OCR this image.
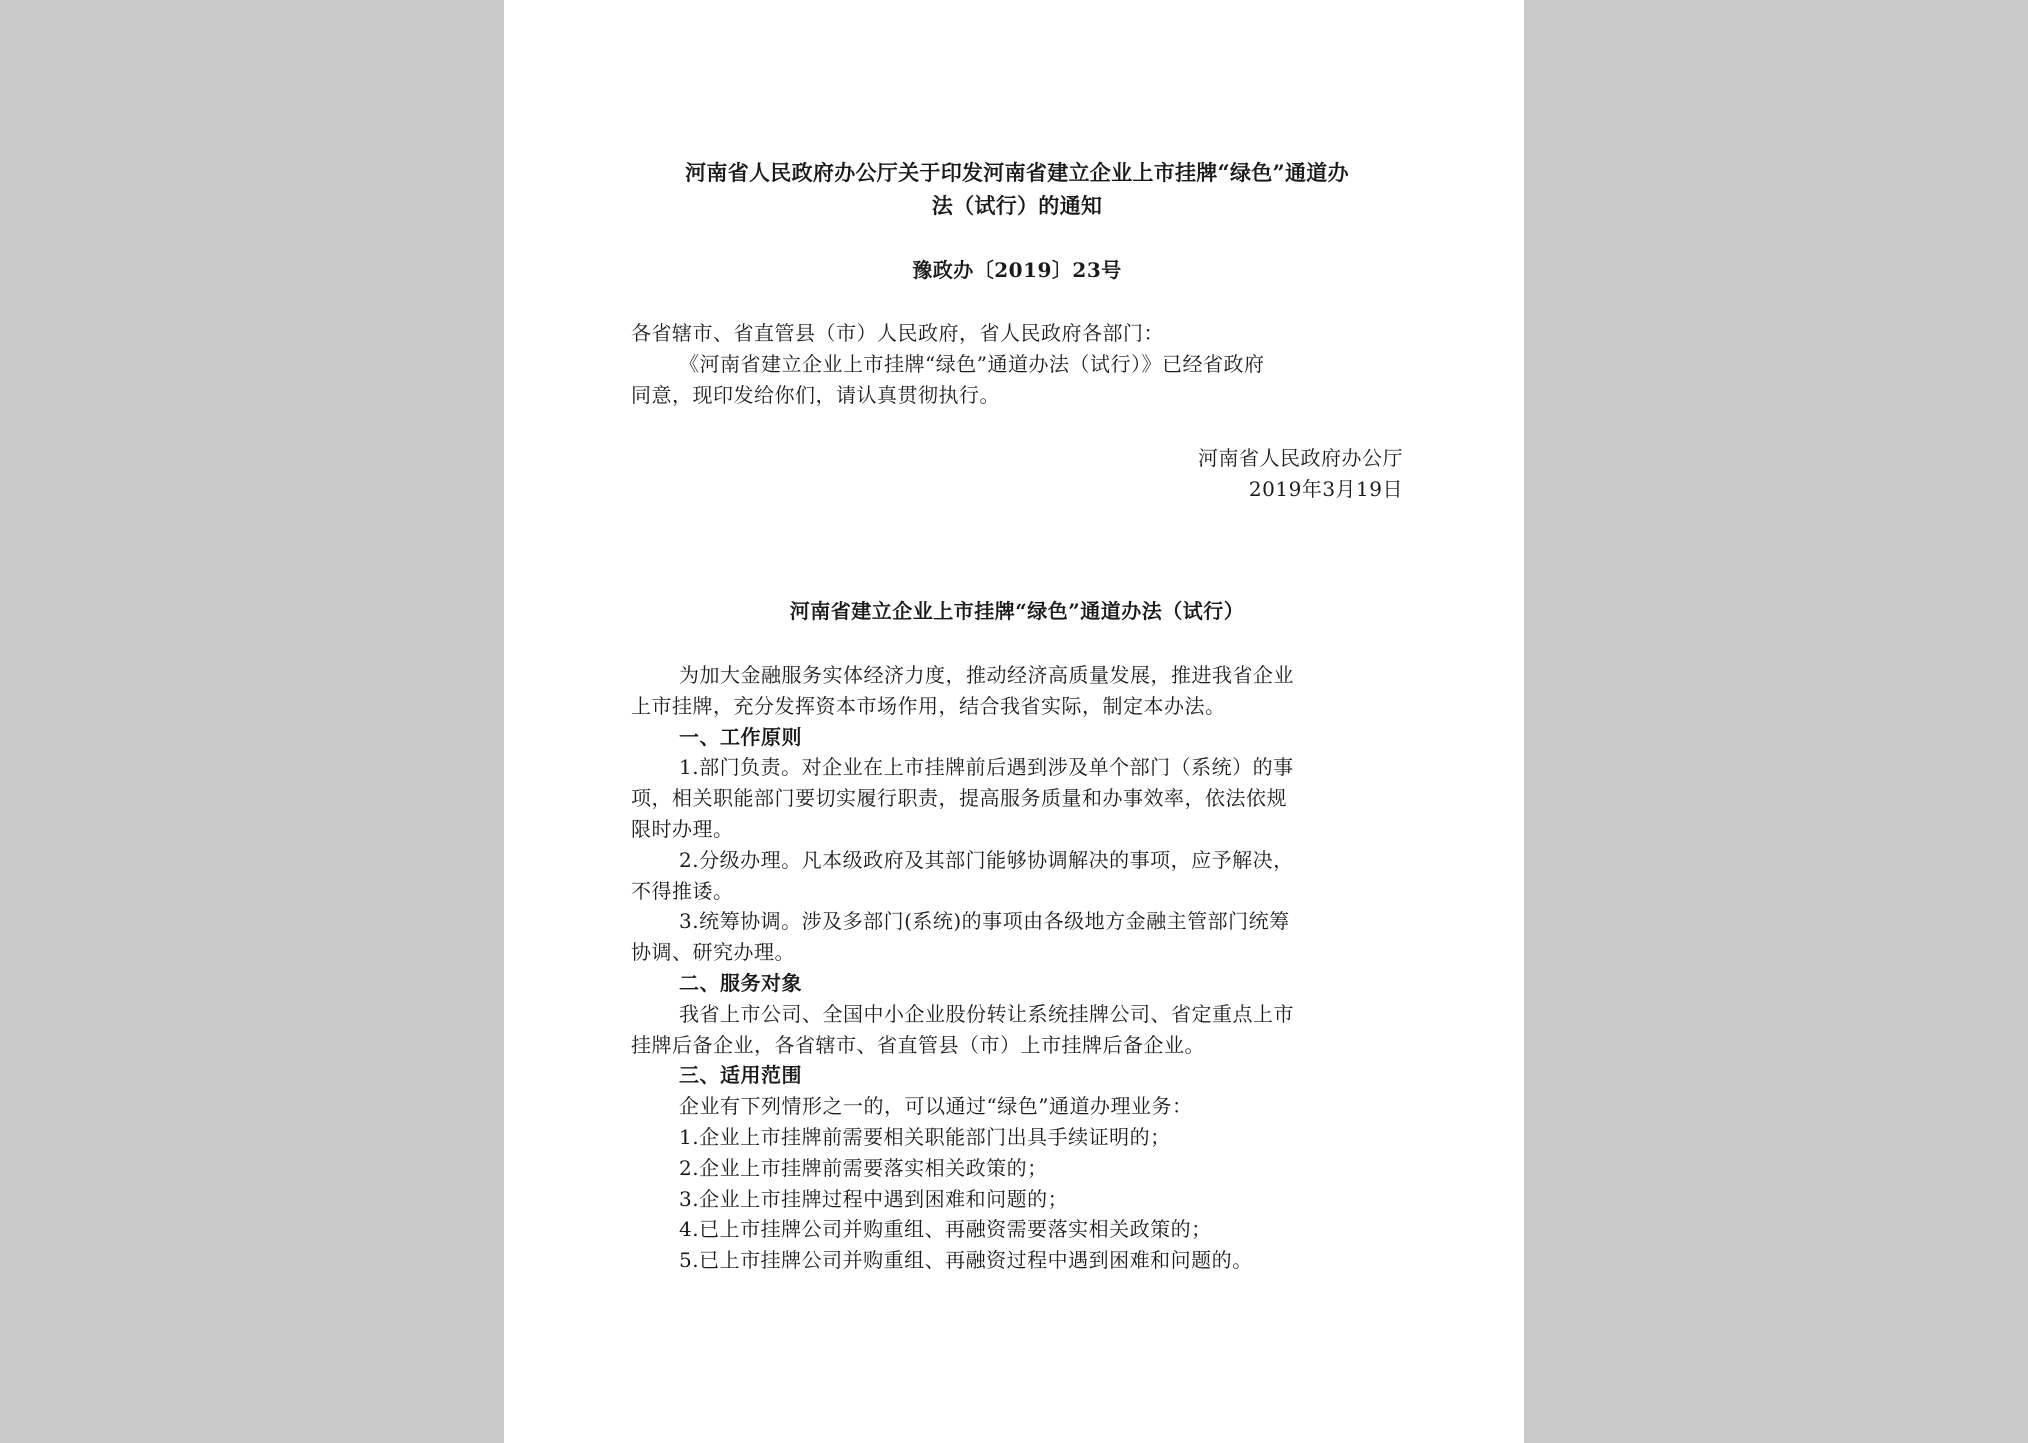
河南省人民政府办公厅关于印发河南省建立企业上市挂牌“绿色”通道办
法（试行）的通知
豫政办〔2019〕23号
各省辖市、省直管县（市）人民政府，省人民政府各部门：
《河南省建立企业上市挂牌“绿色”通道办法（试行）》已经省政府
同意，现印发给你们，请认真贯彻执行。
河南省人民政府办公厅
2019年3月19日
河南省建立企业上市挂牌“绿色”通道办法（试行）
为加大金融服务实体经济力度，推动经济高质量发展，推进我省企业
上市挂牌，充分发挥资本市场作用，结合我省实际，制定本办法。
一、工作原则
1.部门负责。对企业在上市挂牌前后遇到涉及单个部门（系统）的事
项，相关职能部门要切实履行职责，提高服务质量和办事效率，依法依规
限时办理。
2.分级办理。凡本级政府及其部门能够协调解决的事项，应予解决，
不得推诿。
3.统筹协调。涉及多部门(系统)的事项由各级地方金融主管部门统筹
协调、研究办理。
二、服务对象
我省上市公司、全国中小企业股份转让系统挂牌公司、省定重点上市
挂牌后备企业，各省辖市、省直管县（市）上市挂牌后备企业。
三、适用范围
企业有下列情形之一的，可以通过“绿色”通道办理业务：
1.企业上市挂牌前需要相关职能部门出具手续证明的；
2.企业上市挂牌前需要落实相关政策的；
3.企业上市挂牌过程中遇到困难和问题的；
4.已上市挂牌公司并购重组、再融资需要落实相关政策的；
5.已上市挂牌公司并购重组、再融资过程中遇到困难和问题的。
